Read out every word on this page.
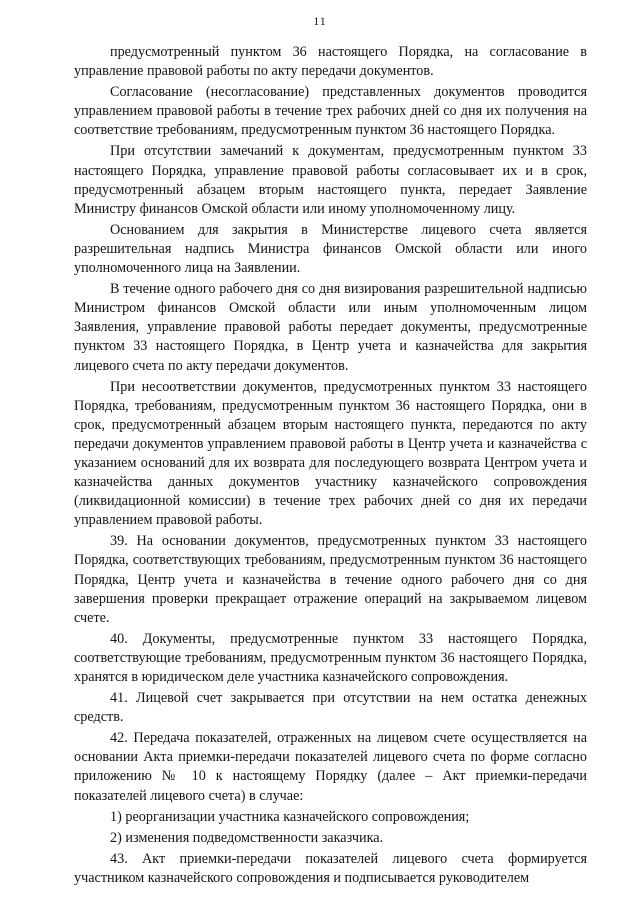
11

предусмотренный пунктом 36 настоящего Порядка, на согласование в управление правовой работы по акту передачи документов.

Согласование (несогласование) представленных документов проводится управлением правовой работы в течение трех рабочих дней со дня их получения на соответствие требованиям, предусмотренным пунктом 36 настоящего Порядка.

При отсутствии замечаний к документам, предусмотренным пунктом 33 настоящего Порядка, управление правовой работы согласовывает их и в срок, предусмотренный абзацем вторым настоящего пункта, передает Заявление Министру финансов Омской области или иному уполномоченному лицу.

Основанием для закрытия в Министерстве лицевого счета является разрешительная надпись Министра финансов Омской области или иного уполномоченного лица на Заявлении.

В течение одного рабочего дня со дня визирования разрешительной надписью Министром финансов Омской области или иным уполномоченным лицом Заявления, управление правовой работы передает документы, предусмотренные пунктом 33 настоящего Порядка, в Центр учета и казначейства для закрытия лицевого счета по акту передачи документов.

При несоответствии документов, предусмотренных пунктом 33 настоящего Порядка, требованиям, предусмотренным пунктом 36 настоящего Порядка, они в срок, предусмотренный абзацем вторым настоящего пункта, передаются по акту передачи документов управлением правовой работы в Центр учета и казначейства с указанием оснований для их возврата для последующего возврата Центром учета и казначейства данных документов участнику казначейского сопровождения (ликвидационной комиссии) в течение трех рабочих дней со дня их передачи управлением правовой работы.

39. На основании документов, предусмотренных пунктом 33 настоящего Порядка, соответствующих требованиям, предусмотренным пунктом 36 настоящего Порядка, Центр учета и казначейства в течение одного рабочего дня со дня завершения проверки прекращает отражение операций на закрываемом лицевом счете.

40. Документы, предусмотренные пунктом 33 настоящего Порядка, соответствующие требованиям, предусмотренным пунктом 36 настоящего Порядка, хранятся в юридическом деле участника казначейского сопровождения.

41. Лицевой счет закрывается при отсутствии на нем остатка денежных средств.

42. Передача показателей, отраженных на лицевом счете осуществляется на основании Акта приемки-передачи показателей лицевого счета по форме согласно приложению № 10 к настоящему Порядку (далее – Акт приемки-передачи показателей лицевого счета) в случае:

1) реорганизации участника казначейского сопровождения;

2) изменения подведомственности заказчика.

43. Акт приемки-передачи показателей лицевого счета формируется участником казначейского сопровождения и подписывается руководителем
